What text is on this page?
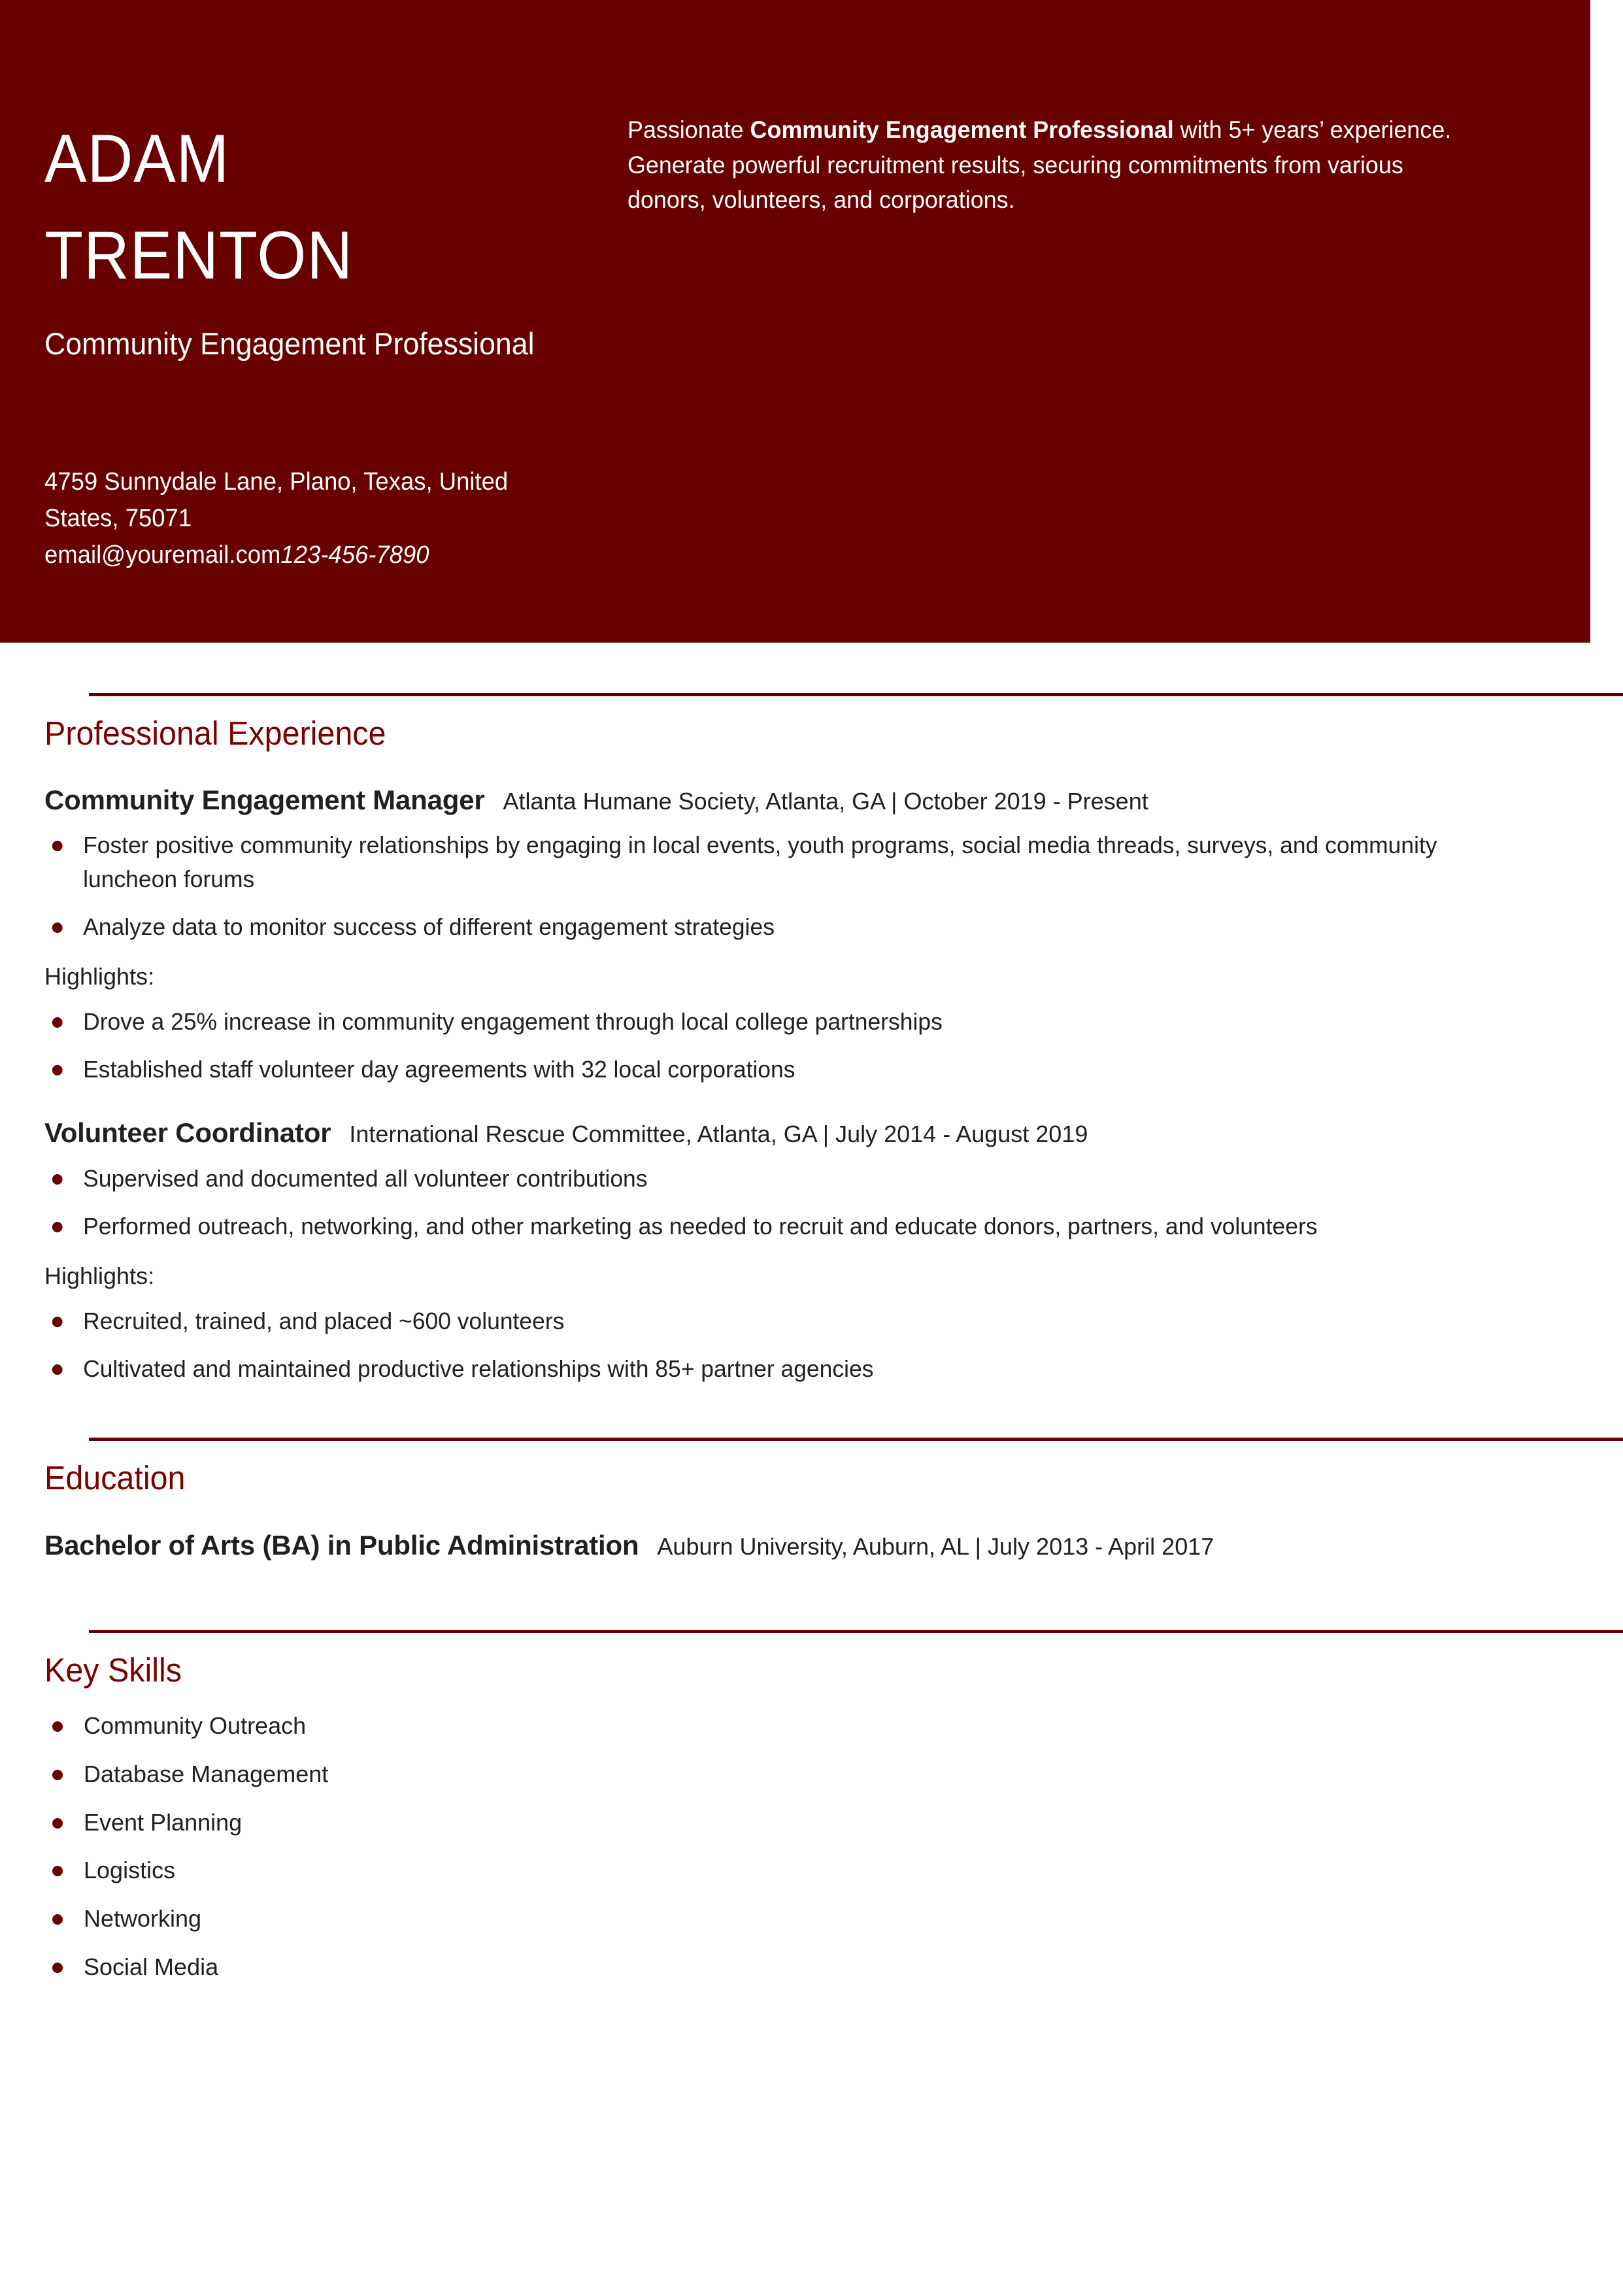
ADAM
TRENTON
Community Engagement Professional
4759 Sunnydale Lane, Plano, Texas, United
States, 75071
email@youremail.com123-456-7890
Passionate Community Engagement Professional with 5+ years’ experience. Generate powerful recruitment results, securing commitments from various donors, volunteers, and corporations.
Professional Experience
Community Engagement Manager Atlanta Humane Society, Atlanta, GA | October 2019 - Present
Foster positive community relationships by engaging in local events, youth programs, social media threads, surveys, and community luncheon forums
Analyze data to monitor success of different engagement strategies

Highlights:

Drove a 25% increase in community engagement through local college partnerships
Established staff volunteer day agreements with 32 local corporations
Volunteer Coordinator International Rescue Committee, Atlanta, GA | July 2014 - August 2019
Supervised and documented all volunteer contributions
Performed outreach, networking, and other marketing as needed to recruit and educate donors, partners, and volunteers

Highlights:

Recruited, trained, and placed ~600 volunteers
Cultivated and maintained productive relationships with 85+ partner agencies
Education
Bachelor of Arts (BA) in Public Administration Auburn University, Auburn, AL | July 2013 - April 2017
Key Skills
Community Outreach
Database Management
Event Planning
Logistics
Networking
Social Media
